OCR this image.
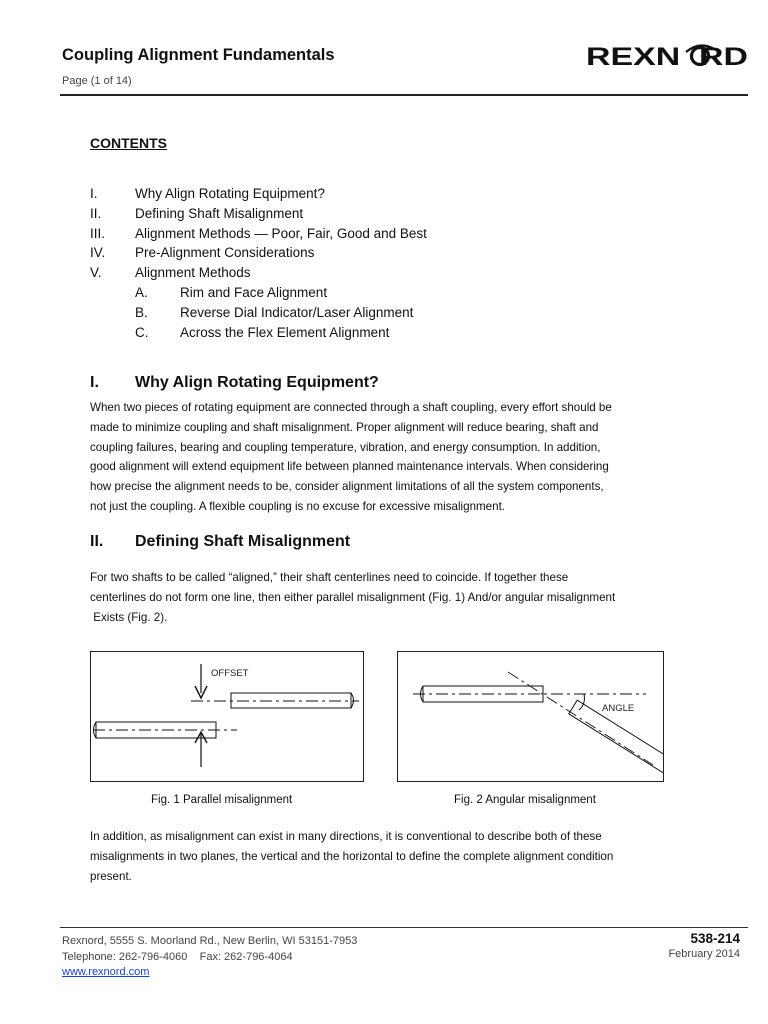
Coupling Alignment Fundamentals
Page (1 of 14)
REXN  RD
CONTENTS
I.	Why Align Rotating Equipment?
II. Defining Shaft Misalignment
III. Alignment Methods — Poor, Fair, Good and Best
IV. Pre-Alignment Considerations
V. Alignment Methods
A. Rim and Face Alignment
B. Reverse Dial Indicator/Laser Alignment
C. Across the Flex Element Alignment
I. Why Align Rotating Equipment?
When two pieces of rotating equipment are connected through a shaft coupling, every effort should be
made to minimize coupling and shaft misalignment. Proper alignment will reduce bearing, shaft and
coupling failures, bearing and coupling temperature, vibration, and energy consumption. In addition,
good alignment will extend equipment life between planned maintenance intervals. When considering
how precise the alignment needs to be, consider alignment limitations of all the system components,
not just the coupling. A flexible coupling is no excuse for excessive misalignment.
II. Defining Shaft Misalignment
For two shafts to be called “aligned,” their shaft centerlines need to coincide. If together these
centerlines do not form one line, then either parallel misalignment (Fig. 1) And/or angular misalignment
Exists (Fig. 2).
OFFSET
Fig. 1 Parallel misalignment
ANGLE
Fig. 2 Angular misalignment
In addition, as misalignment can exist in many directions, it is conventional to describe both of these
misalignments in two planes, the vertical and the horizontal to define the complete alignment condition
present.
Rexnord, 5555 S. Moorland Rd., New Berlin, WI 53151-7953
Telephone: 262-796-4060    Fax: 262-796-4064
www.rexnord.com
538-214
February 2014
